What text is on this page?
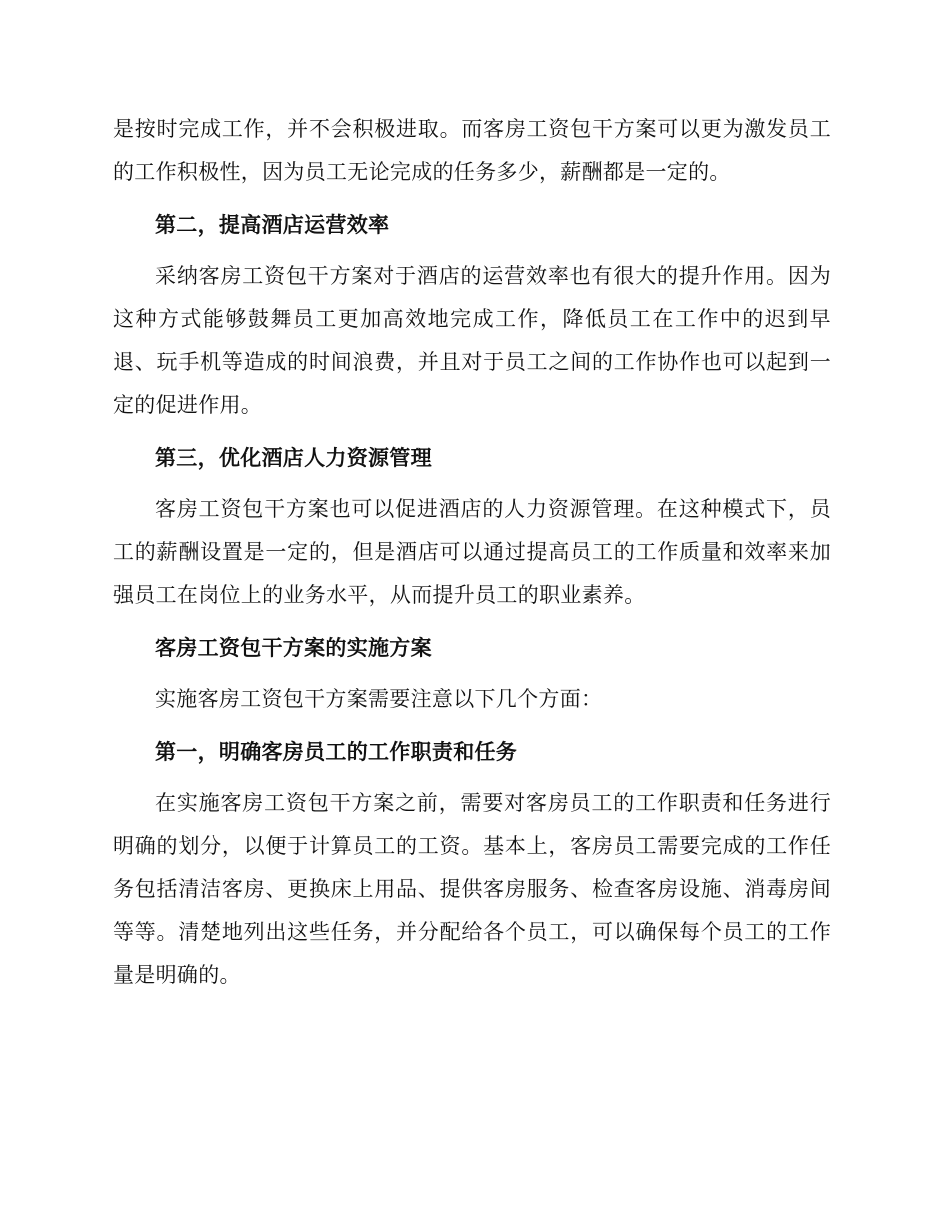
是按时完成工作，并不会积极进取。而客房工资包干方案可以更为激发员工的工作积极性，因为员工无论完成的任务多少，薪酬都是一定的。

第二，提高酒店运营效率

采纳客房工资包干方案对于酒店的运营效率也有很大的提升作用。因为这种方式能够鼓舞员工更加高效地完成工作，降低员工在工作中的迟到早退、玩手机等造成的时间浪费，并且对于员工之间的工作协作也可以起到一定的促进作用。

第三，优化酒店人力资源管理

客房工资包干方案也可以促进酒店的人力资源管理。在这种模式下，员工的薪酬设置是一定的，但是酒店可以通过提高员工的工作质量和效率来加强员工在岗位上的业务水平，从而提升员工的职业素养。

客房工资包干方案的实施方案

实施客房工资包干方案需要注意以下几个方面：

第一，明确客房员工的工作职责和任务

在实施客房工资包干方案之前，需要对客房员工的工作职责和任务进行明确的划分，以便于计算员工的工资。基本上，客房员工需要完成的工作任务包括清洁客房、更换床上用品、提供客房服务、检查客房设施、消毒房间等等。清楚地列出这些任务，并分配给各个员工，可以确保每个员工的工作量是明确的。
